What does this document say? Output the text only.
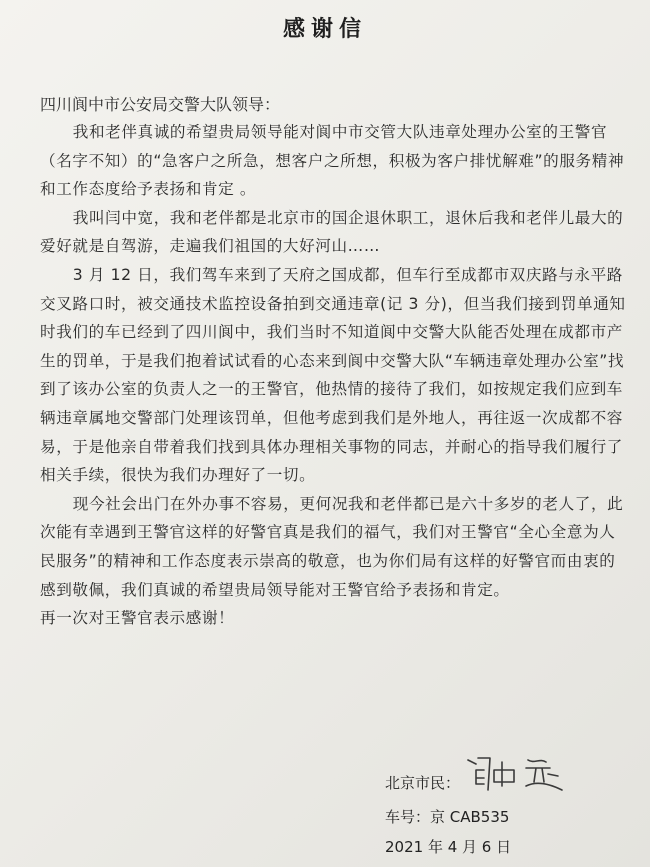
感谢信
四川阆中市公安局交警大队领导：

我和老伴真诚的希望贵局领导能对阆中市交管大队违章处理办公室的王警官（名字不知）的“急客户之所急，想客户之所想，积极为客户排忧解难”的服务精神和工作态度给予表扬和肯定 。

我叫闫中宽，我和老伴都是北京市的国企退休职工，退休后我和老伴儿最大的爱好就是自驾游，走遍我们祖国的大好河山……

3 月 12 日，我们驾车来到了天府之国成都，但车行至成都市双庆路与永平路交叉路口时，被交通技术监控设备拍到交通违章(记 3 分)，但当我们接到罚单通知时我们的车已经到了四川阆中，我们当时不知道阆中交警大队能否处理在成都市产生的罚单，于是我们抱着试试看的心态来到阆中交警大队“车辆违章处理办公室”找到了该办公室的负责人之一的王警官，他热情的接待了我们，如按规定我们应到车辆违章属地交警部门处理该罚单，但他考虑到我们是外地人，再往返一次成都不容易，于是他亲自带着我们找到具体办理相关事物的同志，并耐心的指导我们履行了相关手续，很快为我们办理好了一切。

现今社会出门在外办事不容易，更何况我和老伴都已是六十多岁的老人了，此次能有幸遇到王警官这样的好警官真是我们的福气，我们对王警官“全心全意为人民服务”的精神和工作态度表示崇高的敬意，也为你们局有这样的好警官而由衷的感到敬佩，我们真诚的希望贵局领导能对王警官给予表扬和肯定。

再一次对王警官表示感谢！

北京市民：
车号：京 CAB535
2021 年 4 月 6 日
